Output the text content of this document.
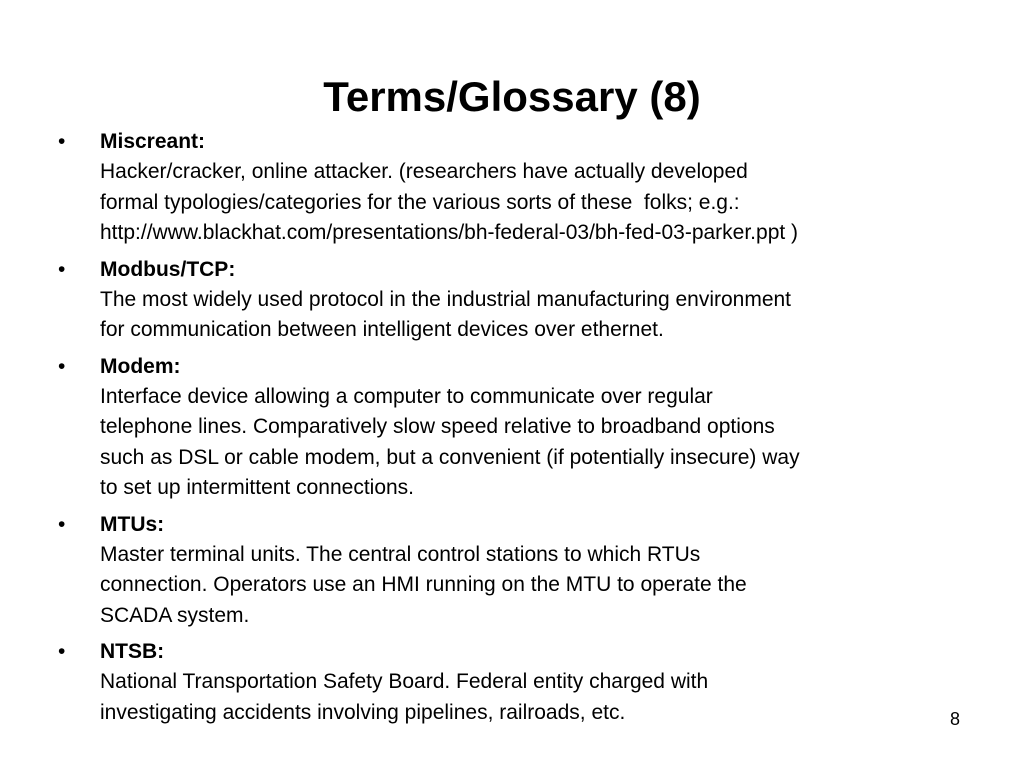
Terms/Glossary (8)
• Miscreant:
Hacker/cracker, online attacker. (researchers have actually developed
formal typologies/categories for the various sorts of these  folks; e.g.:
http://www.blackhat.com/presentations/bh-federal-03/bh-fed-03-parker.ppt )
• Modbus/TCP:
The most widely used protocol in the industrial manufacturing environment
for communication between intelligent devices over ethernet.
• Modem:
Interface device allowing a computer to communicate over regular
telephone lines. Comparatively slow speed relative to broadband options
such as DSL or cable modem, but a convenient (if potentially insecure) way
to set up intermittent connections.
• MTUs:
Master terminal units. The central control stations to which RTUs
connection. Operators use an HMI running on the MTU to operate the
SCADA system.
• NTSB:
National Transportation Safety Board. Federal entity charged with
investigating accidents involving pipelines, railroads, etc.	8
